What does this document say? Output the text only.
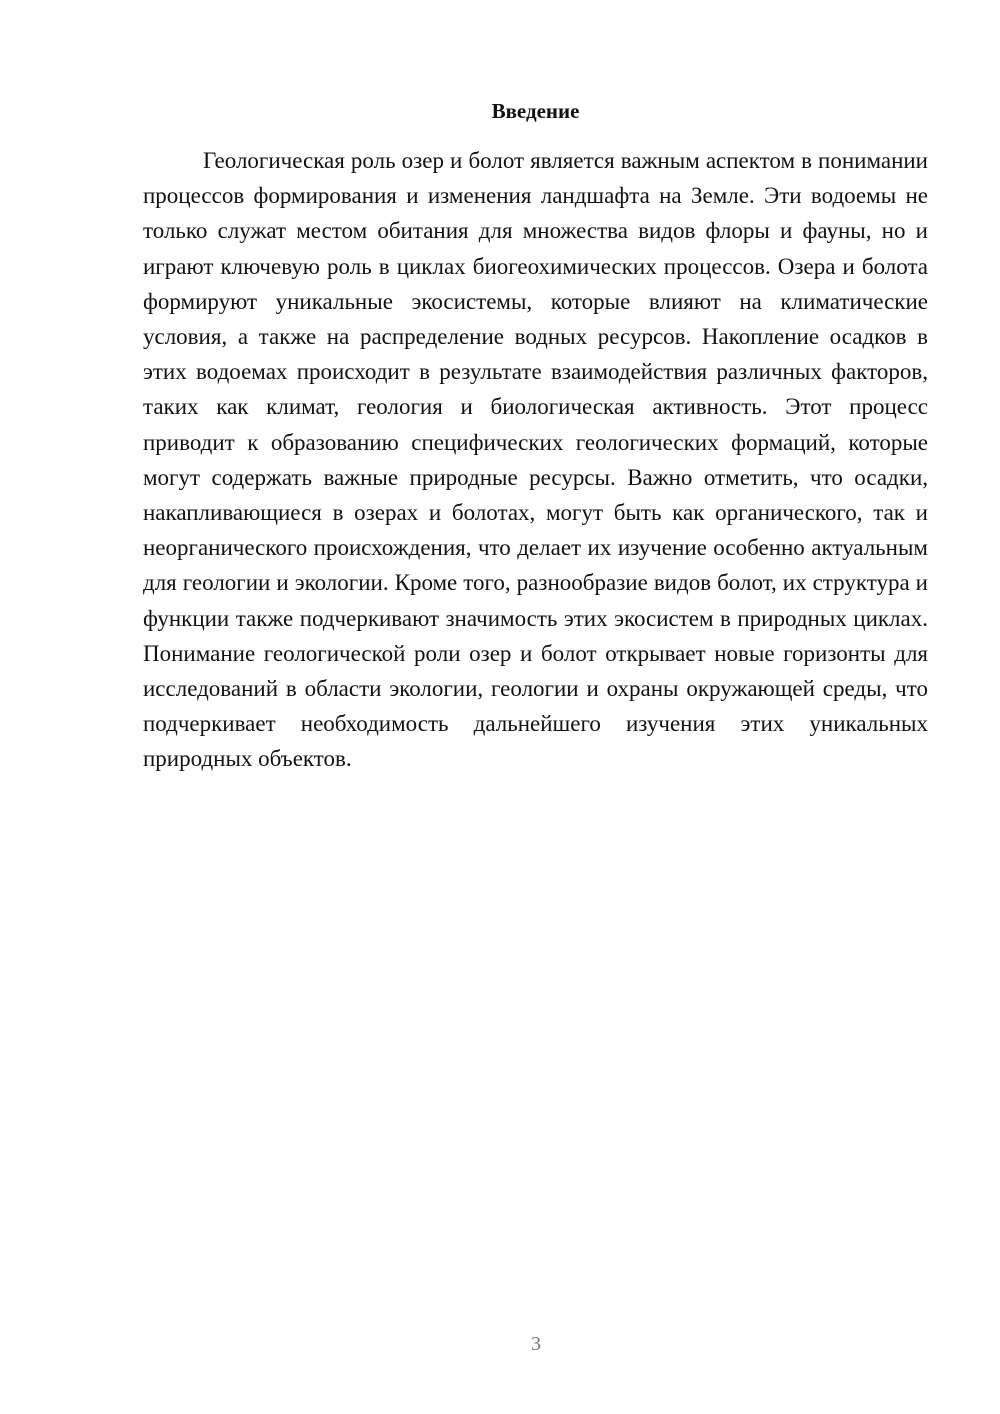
Введение

Геологическая роль озер и болот является важным аспектом в понимании процессов формирования и изменения ландшафта на Земле. Эти водоемы не только служат местом обитания для множества видов флоры и фауны, но и играют ключевую роль в циклах биогеохимических процессов. Озера и болота формируют уникальные экосистемы, которые влияют на климатические условия, а также на распределение водных ресурсов. Накопление осадков в этих водоемах происходит в результате взаимодействия различных факторов, таких как климат, геология и биологическая активность. Этот процесс приводит к образованию специфических геологических формаций, которые могут содержать важные природные ресурсы. Важно отметить, что осадки, накапливающиеся в озерах и болотах, могут быть как органического, так и неорганического происхождения, что делает их изучение особенно актуальным для геологии и экологии. Кроме того, разнообразие видов болот, их структура и функции также подчеркивают значимость этих экосистем в природных циклах. Понимание геологической роли озер и болот открывает новые горизонты для исследований в области экологии, геологии и охраны окружающей среды, что подчеркивает необходимость дальнейшего изучения этих уникальных природных объектов.

3
